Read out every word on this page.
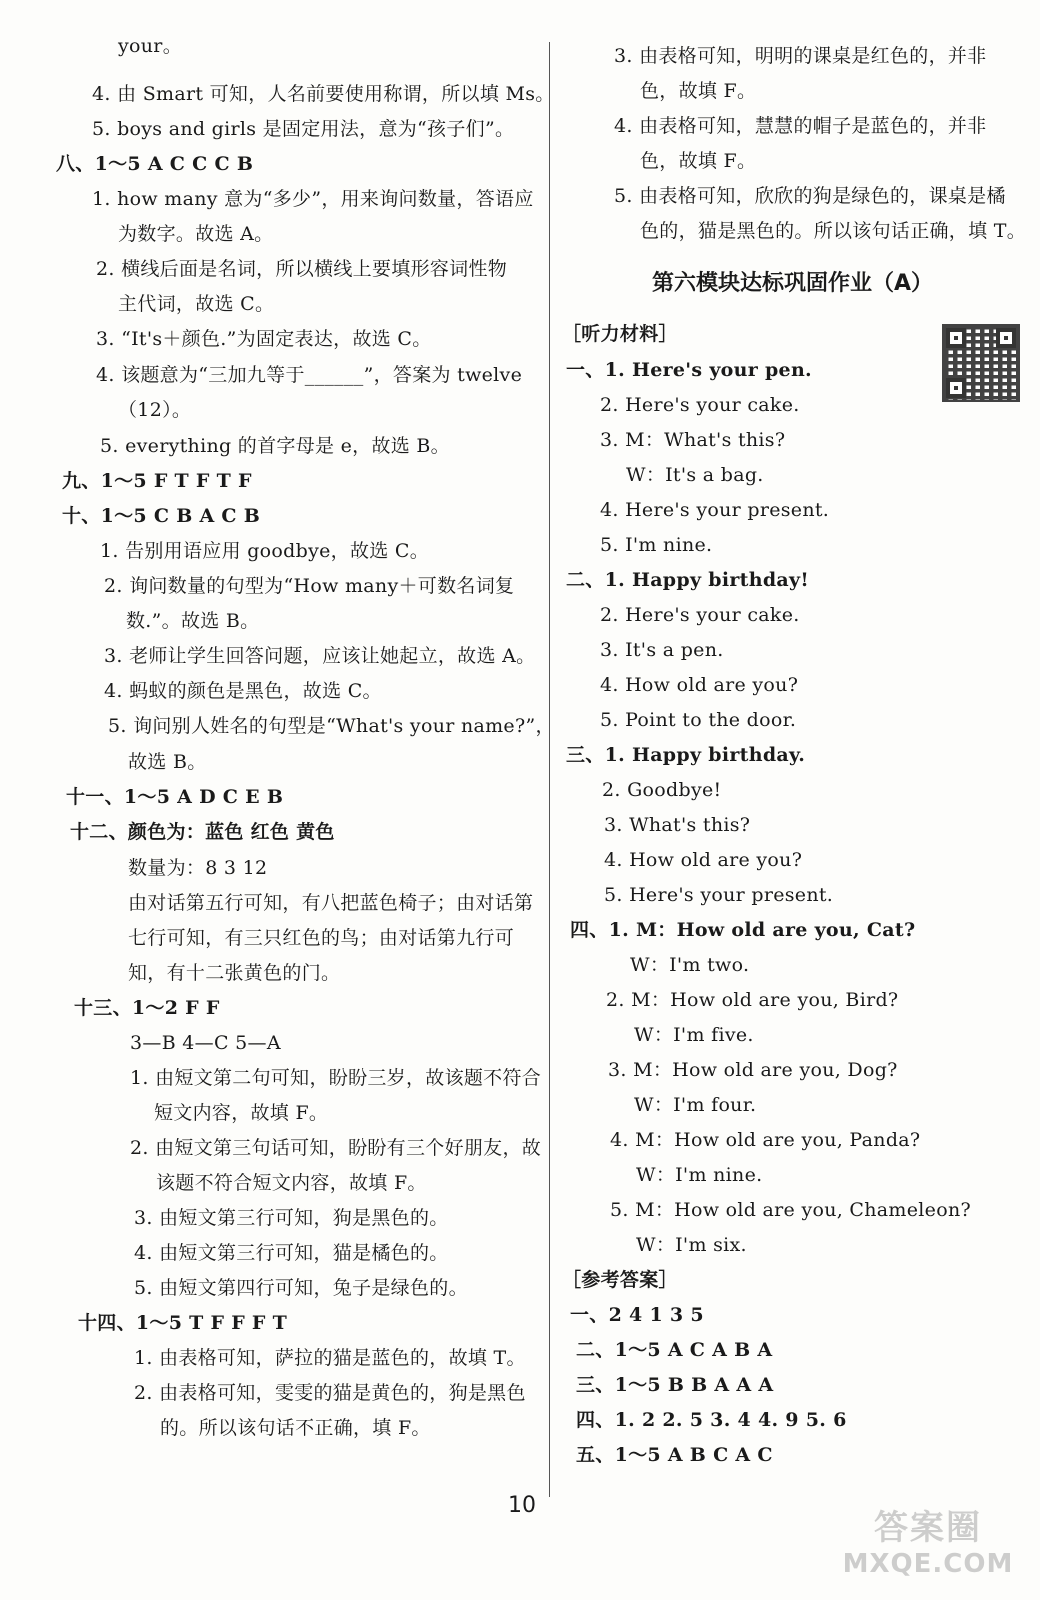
your。
4. 由 Smart 可知，人名前要使用称谓，所以填 Ms。
5. boys and girls 是固定用法，意为“孩子们”。
八、1～5 A C C C B
1. how many 意为“多少”，用来询问数量，答语应
为数字。故选 A。
2. 横线后面是名词，所以横线上要填形容词性物
主代词，故选 C。
3. “It's＋颜色.”为固定表达，故选 C。
4. 该题意为“三加九等于______”，答案为 twelve
（12）。
5. everything 的首字母是 e，故选 B。
九、1～5 F T F T F
十、1～5 C B A C B
1. 告别用语应用 goodbye，故选 C。
2. 询问数量的句型为“How many＋可数名词复
数.”。故选 B。
3. 老师让学生回答问题，应该让她起立，故选 A。
4. 蚂蚁的颜色是黑色，故选 C。
5. 询问别人姓名的句型是“What's your name?”，
故选 B。
十一、1～5 A D C E B
十二、颜色为：蓝色 红色 黄色
数量为：8 3 12
由对话第五行可知，有八把蓝色椅子；由对话第
七行可知，有三只红色的鸟；由对话第九行可
知，有十二张黄色的门。
十三、1～2 F F
3—B 4—C 5—A
1. 由短文第二句可知，盼盼三岁，故该题不符合
短文内容，故填 F。
2. 由短文第三句话可知，盼盼有三个好朋友，故
该题不符合短文内容，故填 F。
3. 由短文第三行可知，狗是黑色的。
4. 由短文第三行可知，猫是橘色的。
5. 由短文第四行可知，兔子是绿色的。
十四、1～5 T F F F T
1. 由表格可知，萨拉的猫是蓝色的，故填 T。
2. 由表格可知，雯雯的猫是黄色的，狗是黑色
的。所以该句话不正确，填 F。
3. 由表格可知，明明的课桌是红色的，并非
色，故填 F。
4. 由表格可知，慧慧的帽子是蓝色的，并非
色，故填 F。
5. 由表格可知，欣欣的狗是绿色的，课桌是橘
色的，猫是黑色的。所以该句话正确，填 T。
第六模块达标巩固作业（A）
［听力材料］
一、1. Here's your pen.
2. Here's your cake.
3. M：What's this?
W：It's a bag.
4. Here's your present.
5. I'm nine.
二、1. Happy birthday!
2. Here's your cake.
3. It's a pen.
4. How old are you?
5. Point to the door.
三、1. Happy birthday.
2. Goodbye!
3. What's this?
4. How old are you?
5. Here's your present.
四、1. M：How old are you, Cat?
W：I'm two.
2. M：How old are you, Bird?
W：I'm five.
3. M：How old are you, Dog?
W：I'm four.
4. M：How old are you, Panda?
W：I'm nine.
5. M：How old are you, Chameleon?
W：I'm six.
［参考答案］
一、2 4 1 3 5
二、1～5 A C A B A
三、1～5 B B A A A
四、1. 2 2. 5 3. 4 4. 9 5. 6
五、1～5 A B C A C
10
答案圈
MXQE.COM
